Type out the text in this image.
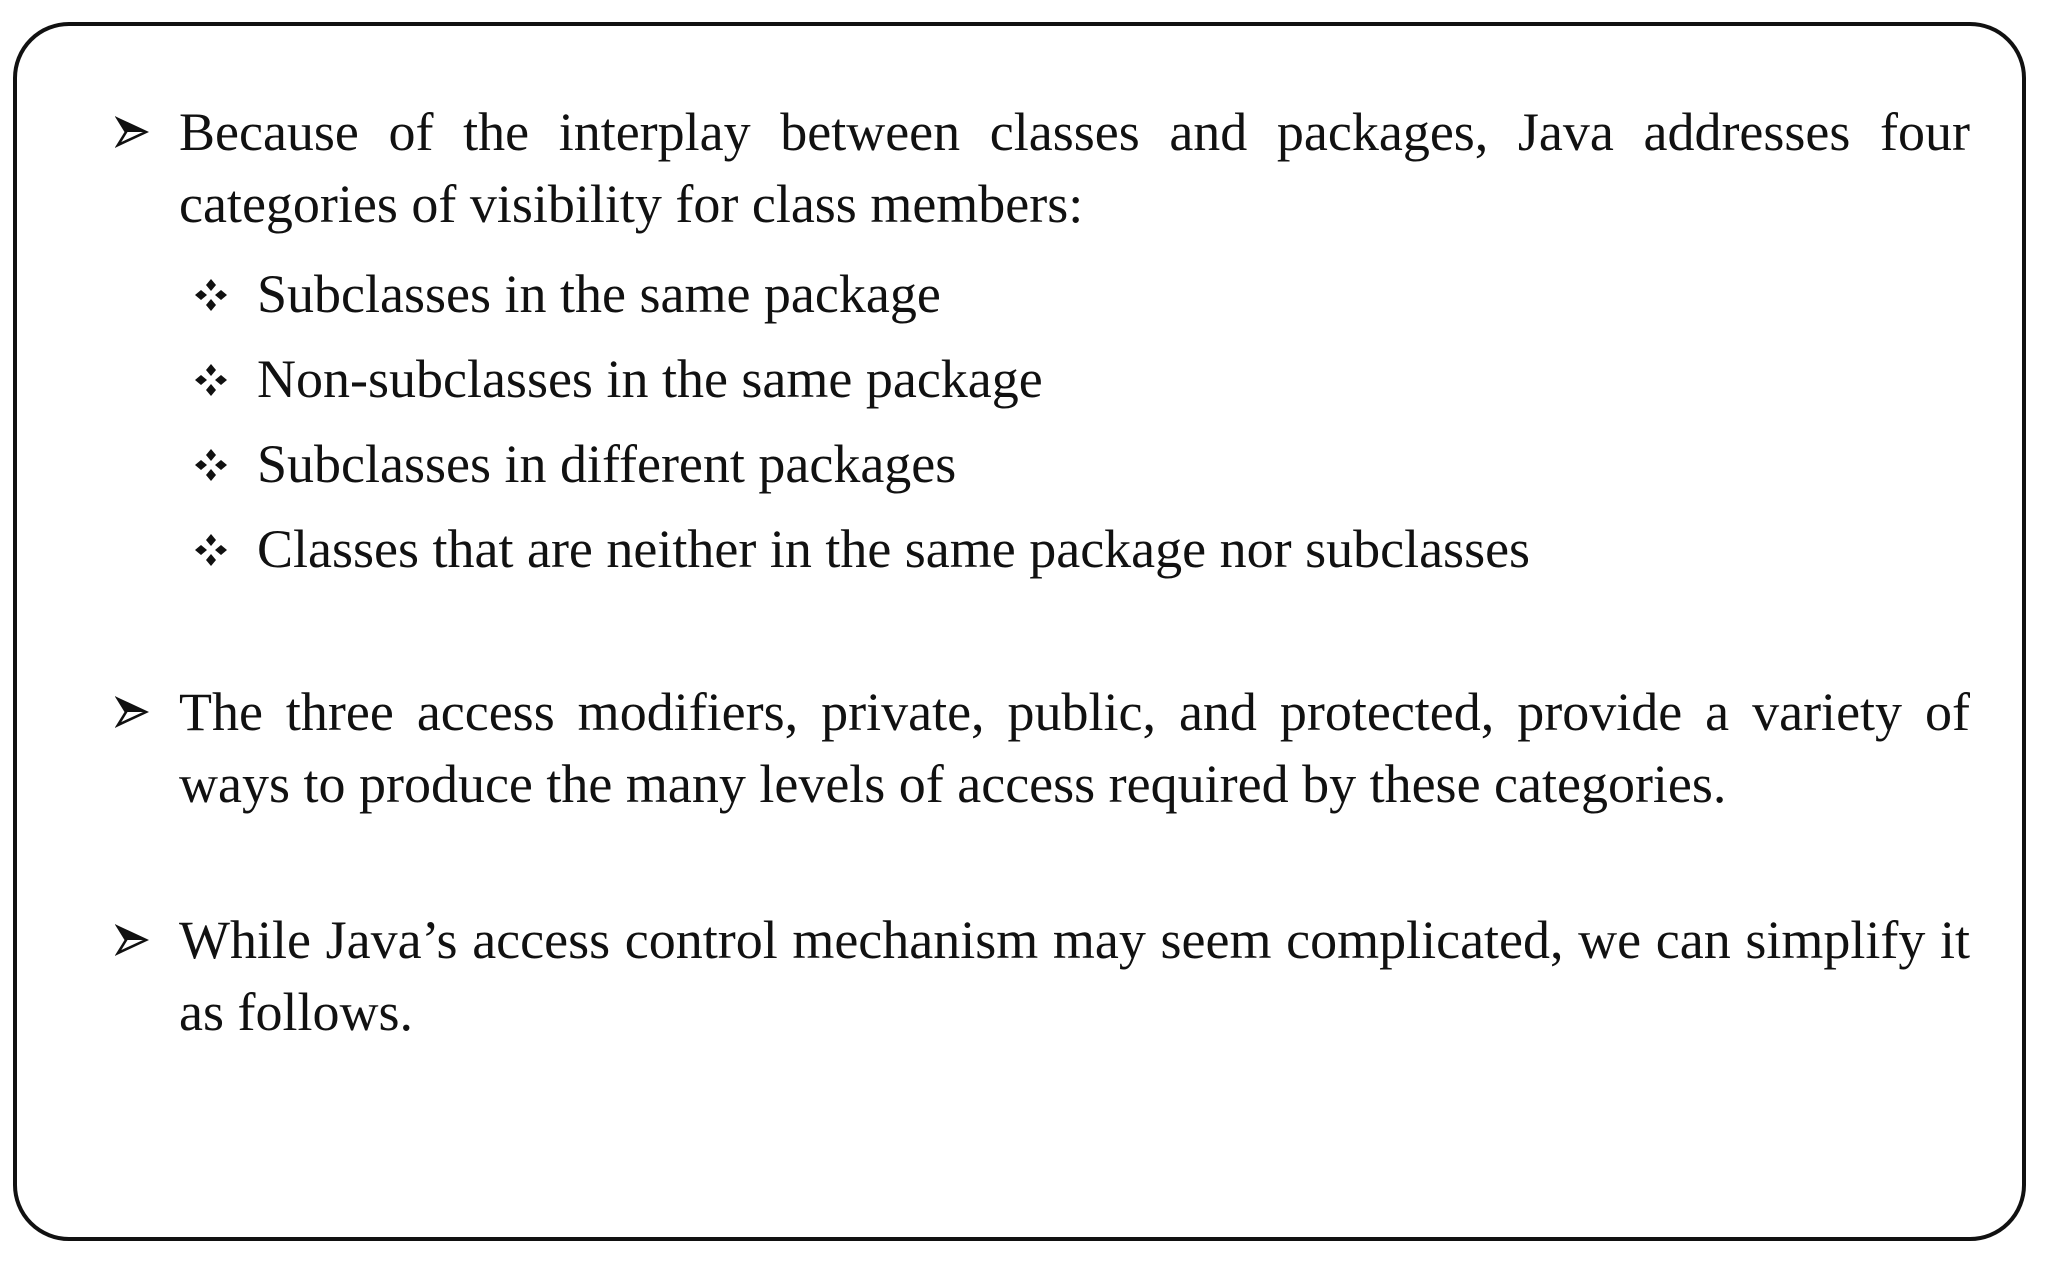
Because of the interplay between classes and packages, Java addresses four categories of visibility for class members:
Subclasses in the same package
Non-subclasses in the same package
Subclasses in different packages
Classes that are neither in the same package nor subclasses
The three access modifiers, private, public, and protected, provide a variety of ways to produce the many levels of access required by these categories.
While Java’s access control mechanism may seem complicated, we can simplify it as follows.
